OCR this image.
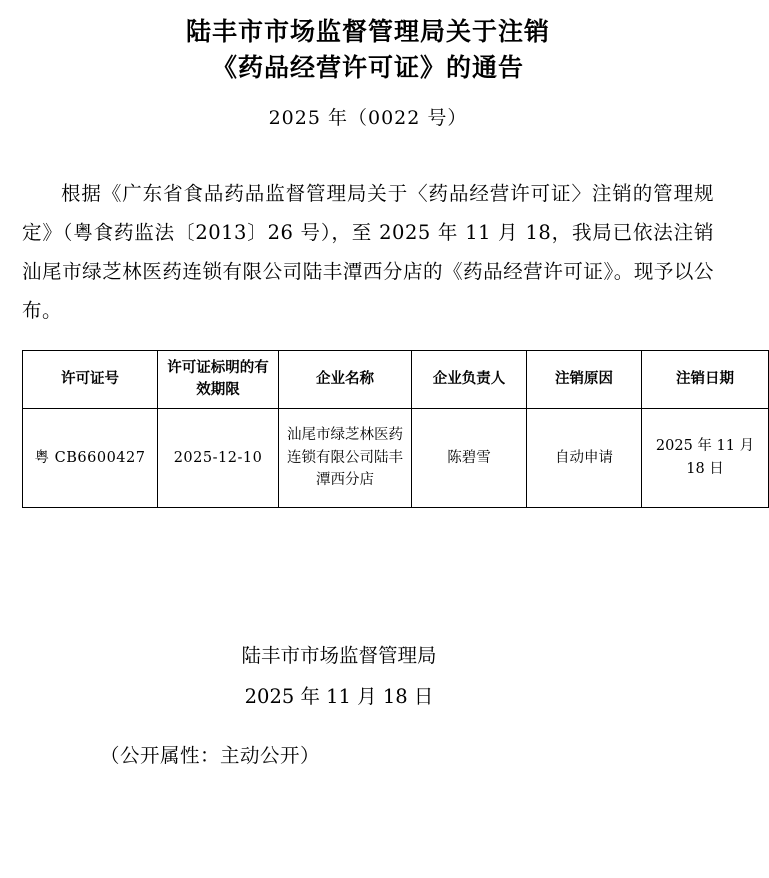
陆丰市市场监督管理局关于注销
《药品经营许可证》的通告
2025 年（0022 号）

根据《广东省食品药品监督管理局关于〈药品经营许可证〉注销的管理规定》（粤食药监法〔2013〕26 号），至 2025 年 11 月 18，我局已依法注销汕尾市绿芝林医药连锁有限公司陆丰潭西分店的《药品经营许可证》。现予以公布。

许可证号	许可证标明的有效期限	企业名称	企业负责人	注销原因	注销日期
粤 CB6600427	2025-12-10	汕尾市绿芝林医药连锁有限公司陆丰潭西分店	陈碧雪	自动申请	2025 年 11 月 18 日
陆丰市市场监督管理局
2025 年 11 月 18 日
（公开属性：主动公开）
